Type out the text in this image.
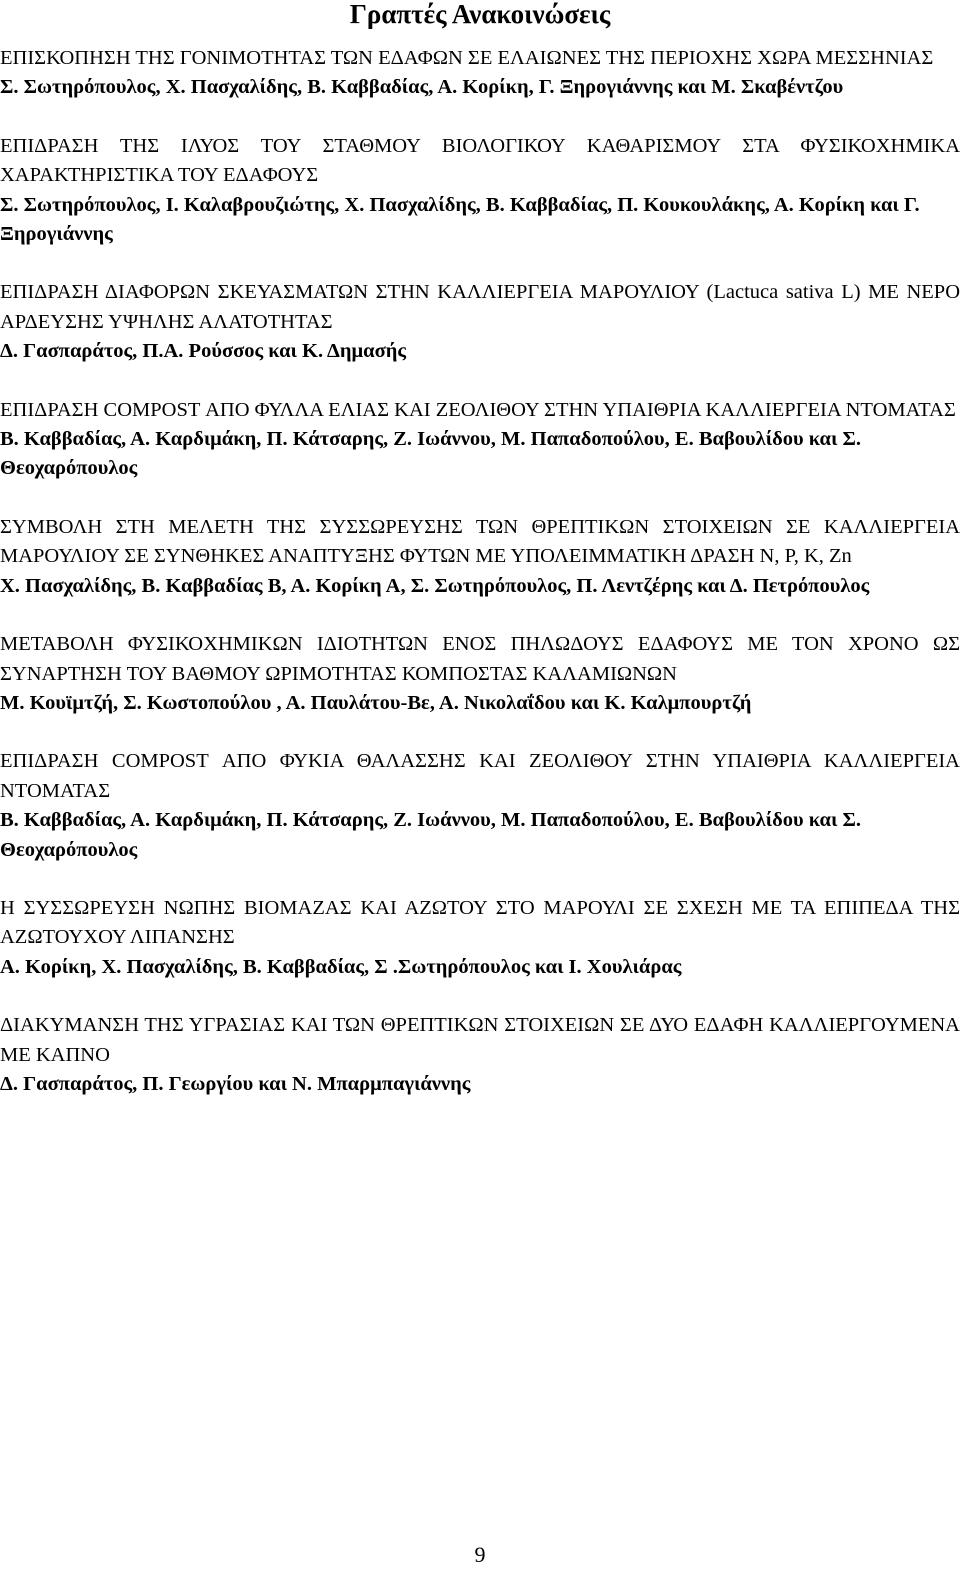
Γραπτές Ανακοινώσεις

ΕΠΙΣΚΟΠΗΣΗ ΤΗΣ ΓΟΝΙΜΟΤΗΤΑΣ ΤΩΝ ΕΔΑΦΩΝ ΣΕ ΕΛΑΙΩΝΕΣ ΤΗΣ ΠΕΡΙΟΧΗΣ ΧΩΡΑ ΜΕΣΣΗΝΙΑΣ

Σ. Σωτηρόπουλος, Χ. Πασχαλίδης, Β. Καββαδίας, Α. Κορίκη, Γ. Ξηρογιάννης και Μ. Σκαβέντζου

ΕΠΙΔΡΑΣΗ ΤΗΣ ΙΛΥΟΣ ΤΟΥ ΣΤΑΘΜΟΥ ΒΙΟΛΟΓΙΚΟΥ ΚΑΘΑΡΙΣΜΟΥ ΣΤΑ ΦΥΣΙΚΟΧΗΜΙΚΑ ΧΑΡΑΚΤΗΡΙΣΤΙΚΑ ΤΟΥ ΕΔΑΦΟΥΣ

Σ. Σωτηρόπουλος, Ι. Καλαβρουζιώτης, Χ. Πασχαλίδης, Β. Καββαδίας, Π. Κουκουλάκης, Α. Κορίκη και Γ. Ξηρογιάννης

ΕΠΙΔΡΑΣΗ ΔΙΑΦΟΡΩΝ ΣΚΕΥΑΣΜΑΤΩΝ ΣΤΗΝ ΚΑΛΛΙΕΡΓΕΙΑ ΜΑΡΟΥΛΙΟΥ (Lactuca sativa L) ΜΕ ΝΕΡΟ ΑΡΔΕΥΣΗΣ ΥΨΗΛΗΣ ΑΛΑΤΟΤΗΤΑΣ

Δ. Γασπαράτος, Π.Α. Ρούσσος και Κ. Δημασής

ΕΠΙΔΡΑΣΗ COMPOST ΑΠΟ ΦΥΛΛΑ ΕΛΙΑΣ ΚΑΙ ΖΕΟΛΙΘΟΥ ΣΤΗΝ ΥΠΑΙΘΡΙΑ ΚΑΛΛΙΕΡΓΕΙΑ ΝΤΟΜΑΤΑΣ

Β. Καββαδίας, Α. Καρδιμάκη, Π. Κάτσαρης, Ζ. Ιωάννου, Μ. Παπαδοπούλου, Ε. Βαβουλίδου και Σ. Θεοχαρόπουλος

ΣΥΜΒΟΛΗ ΣΤΗ ΜΕΛΕΤΗ ΤΗΣ ΣΥΣΣΩΡΕΥΣΗΣ ΤΩΝ ΘΡΕΠΤΙΚΩΝ ΣΤΟΙΧΕΙΩΝ ΣΕ ΚΑΛΛΙΕΡΓΕΙΑ ΜΑΡΟΥΛΙΟΥ ΣΕ ΣΥΝΘΗΚΕΣ ΑΝΑΠΤΥΞΗΣ ΦΥΤΩΝ ΜΕ ΥΠΟΛΕΙΜΜΑΤΙΚΗ ΔΡΑΣΗ N, P, K, Zn

Χ. Πασχαλίδης, Β. Καββαδίας Β, Α. Κορίκη Α, Σ. Σωτηρόπουλος, Π. Λεντζέρης και Δ. Πετρόπουλος

ΜΕΤΑΒΟΛΗ ΦΥΣΙΚΟΧΗΜΙΚΩΝ ΙΔΙΟΤΗΤΩΝ ΕΝΟΣ ΠΗΛΩΔΟΥΣ ΕΔΑΦΟΥΣ ΜΕ ΤΟΝ ΧΡΟΝΟ ΩΣ ΣΥΝΑΡΤΗΣΗ ΤΟΥ ΒΑΘΜΟΥ ΩΡΙΜΟΤΗΤΑΣ ΚΟΜΠΟΣΤΑΣ ΚΑΛΑΜΙΩΝΩΝ

Μ. Κουϊμτζή, Σ. Κωστοπούλου , Α. Παυλάτου-Βε, Α. Νικολαΐδου και Κ. Καλμπουρτζή

ΕΠΙΔΡΑΣΗ COMPOST ΑΠΟ ΦΥΚΙΑ ΘΑΛΑΣΣΗΣ ΚΑΙ ΖΕΟΛΙΘΟΥ ΣΤΗΝ ΥΠΑΙΘΡΙΑ ΚΑΛΛΙΕΡΓΕΙΑ ΝΤΟΜΑΤΑΣ

Β. Καββαδίας, Α. Καρδιμάκη, Π. Κάτσαρης, Ζ. Ιωάννου, Μ. Παπαδοπούλου, Ε. Βαβουλίδου και Σ. Θεοχαρόπουλος

Η ΣΥΣΣΩΡΕΥΣΗ ΝΩΠΗΣ ΒΙΟΜΑΖΑΣ ΚΑΙ ΑΖΩΤΟΥ ΣΤΟ ΜΑΡΟΥΛΙ ΣΕ ΣΧΕΣΗ ΜΕ ΤΑ ΕΠΙΠΕΔΑ ΤΗΣ ΑΖΩΤΟΥΧΟΥ ΛΙΠΑΝΣΗΣ

Α. Κορίκη, Χ. Πασχαλίδης, Β. Καββαδίας, Σ .Σωτηρόπουλος και Ι. Χουλιάρας

ΔΙΑΚΥΜΑΝΣΗ ΤΗΣ ΥΓΡΑΣΙΑΣ ΚΑΙ ΤΩΝ ΘΡΕΠΤΙΚΩΝ ΣΤΟΙΧΕΙΩΝ ΣΕ ΔΥΟ ΕΔΑΦΗ ΚΑΛΛΙΕΡΓΟΥΜΕΝΑ ΜΕ ΚΑΠΝΟ

Δ. Γασπαράτος, Π. Γεωργίου και Ν. Μπαρμπαγιάννης

9
